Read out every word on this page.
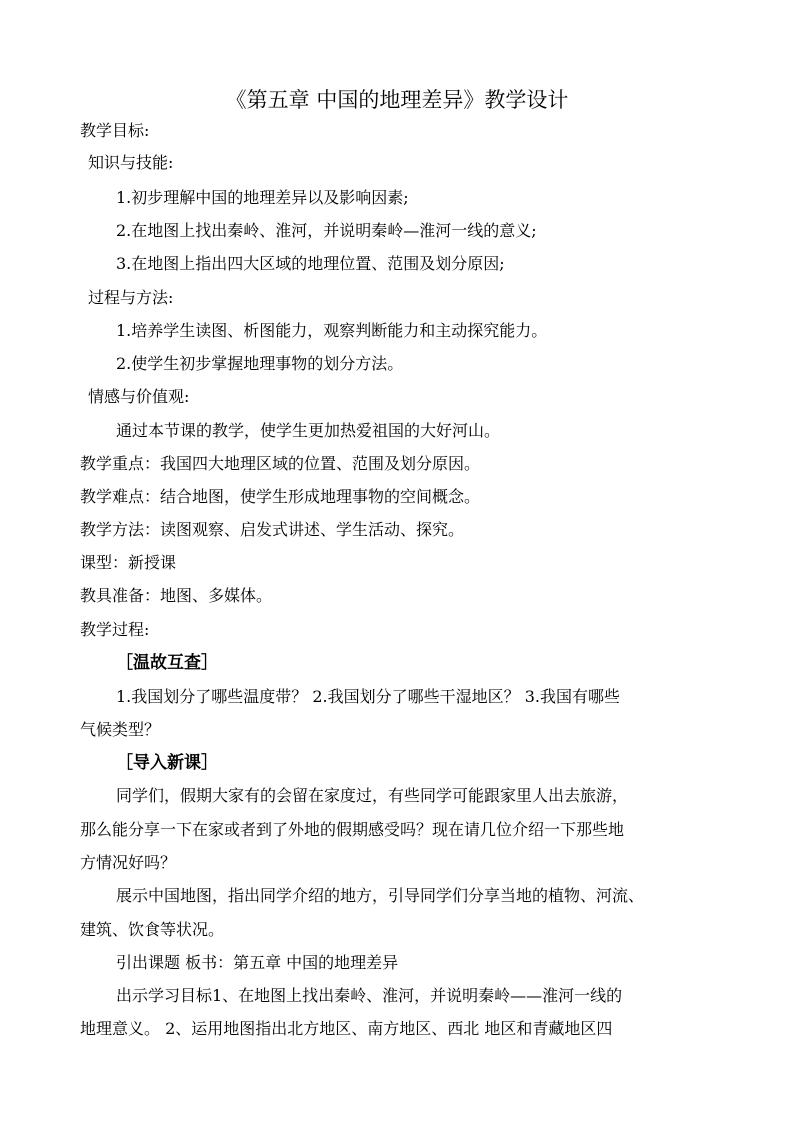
《第五章 中国的地理差异》教学设计
教学目标:
知识与技能:
1.初步理解中国的地理差异以及影响因素;
2.在地图上找出秦岭、淮河，并说明秦岭—淮河一线的意义;
3.在地图上指出四大区域的地理位置、范围及划分原因;
过程与方法:
1.培养学生读图、析图能力，观察判断能力和主动探究能力。
2.使学生初步掌握地理事物的划分方法。
情感与价值观:
通过本节课的教学，使学生更加热爱祖国的大好河山。
教学重点：我国四大地理区域的位置、范围及划分原因。
教学难点：结合地图，使学生形成地理事物的空间概念。
教学方法：读图观察、启发式讲述、学生活动、探究。
课型：新授课
教具准备：地图、多媒体。
教学过程:
［温故互查］
1.我国划分了哪些温度带？ 2.我国划分了哪些干湿地区？ 3.我国有哪些
气候类型？
［导入新课］
同学们，假期大家有的会留在家度过，有些同学可能跟家里人出去旅游，
那么能分享一下在家或者到了外地的假期感受吗？现在请几位介绍一下那些地
方情况好吗？
展示中国地图，指出同学介绍的地方，引导同学们分享当地的植物、河流、
建筑、饮食等状况。
引出课题 板书：第五章 中国的地理差异
出示学习目标1、在地图上找出秦岭、淮河，并说明秦岭——淮河一线的
地理意义。 2、运用地图指出北方地区、南方地区、西北 地区和青藏地区四
